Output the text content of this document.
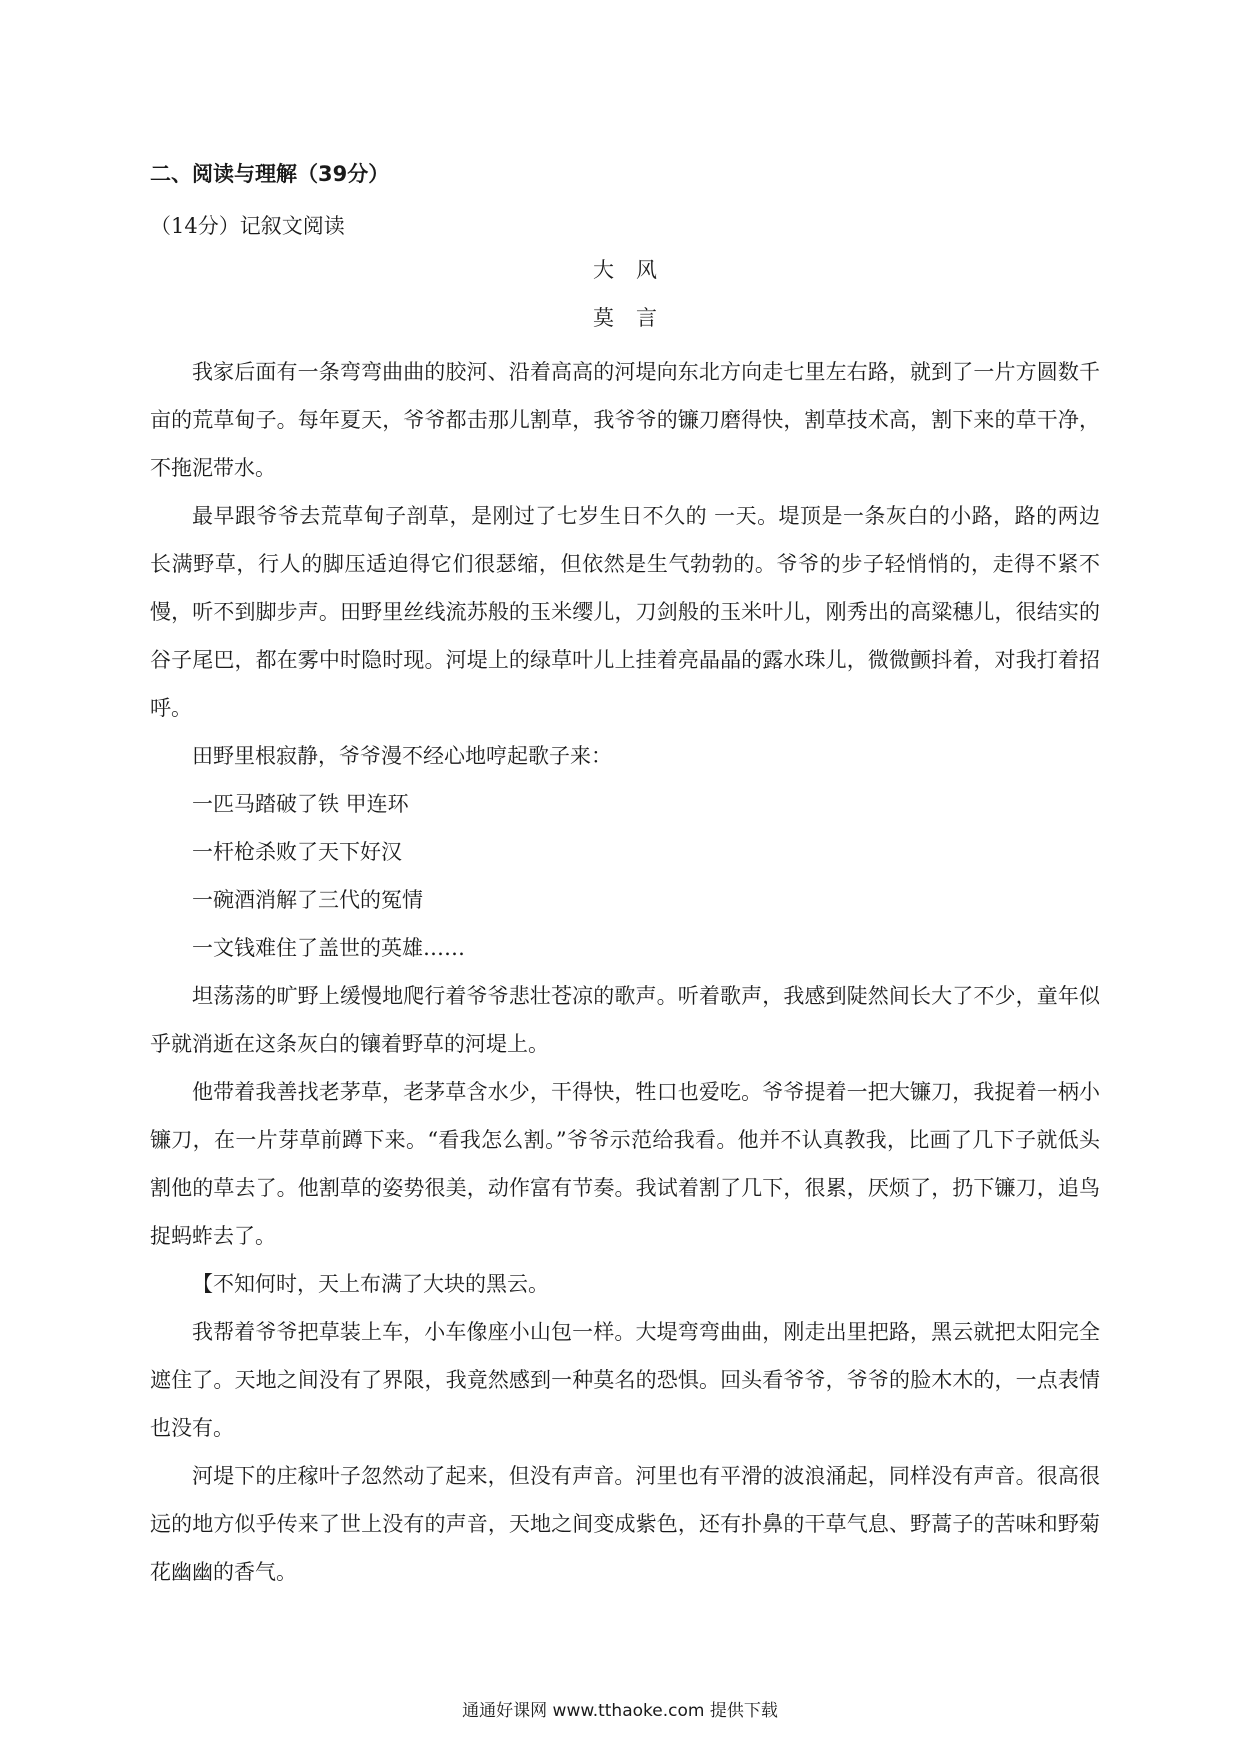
二、阅读与理解（39分）
（14分）记叙文阅读
大风
莫言

我家后面有一条弯弯曲曲的胶河、沿着高高的河堤向东北方向走七里左右路，就到了一片方圆数千亩的荒草甸子。每年夏天，爷爷都击那儿割草，我爷爷的镰刀磨得快，割草技术高，割下来的草干净，不拖泥带水。

最早跟爷爷去荒草甸子剖草，是刚过了七岁生日不久的 一天。堤顶是一条灰白的小路，路的两边长满野草，行人的脚压适迫得它们很瑟缩，但依然是生气勃勃的。爷爷的步子轻悄悄的，走得不紧不慢，听不到脚步声。田野里丝线流苏般的玉米缨儿，刀剑般的玉米叶儿，刚秀出的高粱穗儿，很结实的谷子尾巴，都在雾中时隐时现。河堤上的绿草叶儿上挂着亮晶晶的露水珠儿，微微颤抖着，对我打着招呼。

田野里根寂静，爷爷漫不经心地哼起歌子来：

一匹马踏破了铁 甲连环

一杆枪杀败了天下好汉

一碗酒消解了三代的冤情

一文钱难住了盖世的英雄……

坦荡荡的旷野上缓慢地爬行着爷爷悲壮苍凉的歌声。听着歌声，我感到陡然间长大了不少，童年似乎就消逝在这条灰白的镶着野草的河堤上。

他带着我善找老茅草，老茅草含水少，干得快，牲口也爱吃。爷爷提着一把大镰刀，我捉着一柄小镰刀，在一片芽草前蹲下来。“看我怎么割。”爷爷示范给我看。他并不认真教我，比画了几下子就低头割他的草去了。他割草的姿势很美，动作富有节奏。我试着割了几下，很累，厌烦了，扔下镰刀，追鸟捉蚂蚱去了。

【不知何时，天上布满了大块的黑云。

我帮着爷爷把草装上车，小车像座小山包一样。大堤弯弯曲曲，刚走出里把路，黑云就把太阳完全遮住了。天地之间没有了界限，我竟然感到一种莫名的恐惧。回头看爷爷，爷爷的脸木木的，一点表情也没有。

河堤下的庄稼叶子忽然动了起来，但没有声音。河里也有平滑的波浪涌起，同样没有声音。很高很远的地方似乎传来了世上没有的声音，天地之间变成紫色，还有扑鼻的干草气息、野蒿子的苦味和野菊花幽幽的香气。

通通好课网 www.tthaoke.com 提供下载
